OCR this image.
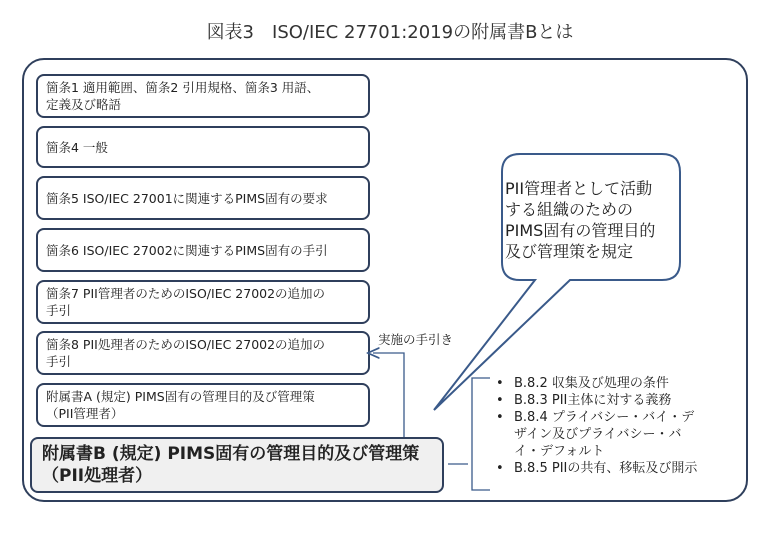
図表3　ISO/IEC 27701:2019の附属書Bとは
箇条1 適用範囲、箇条2 引用規格、箇条3 用語、
定義及び略語
箇条4 一般
箇条5 ISO/IEC 27001に関連するPIMS固有の要求
箇条6 ISO/IEC 27002に関連するPIMS固有の手引
箇条7 PII管理者のためのISO/IEC 27002の追加の
手引
箇条8 PII処理者のためのISO/IEC 27002の追加の
手引
附属書A (規定) PIMS固有の管理目的及び管理策
（PII管理者）
附属書B (規定) PIMS固有の管理目的及び管理策
（PII処理者）
実施の手引き
PII管理者として活動
する組織のための
PIMS固有の管理目的
及び管理策を規定
• B.8.2 収集及び処理の条件
• B.8.3 PII主体に対する義務
• B.8.4 プライバシー・バイ・デ
ザイン及びプライバシー・バ
イ・デフォルト
• B.8.5 PIIの共有、移転及び開示
